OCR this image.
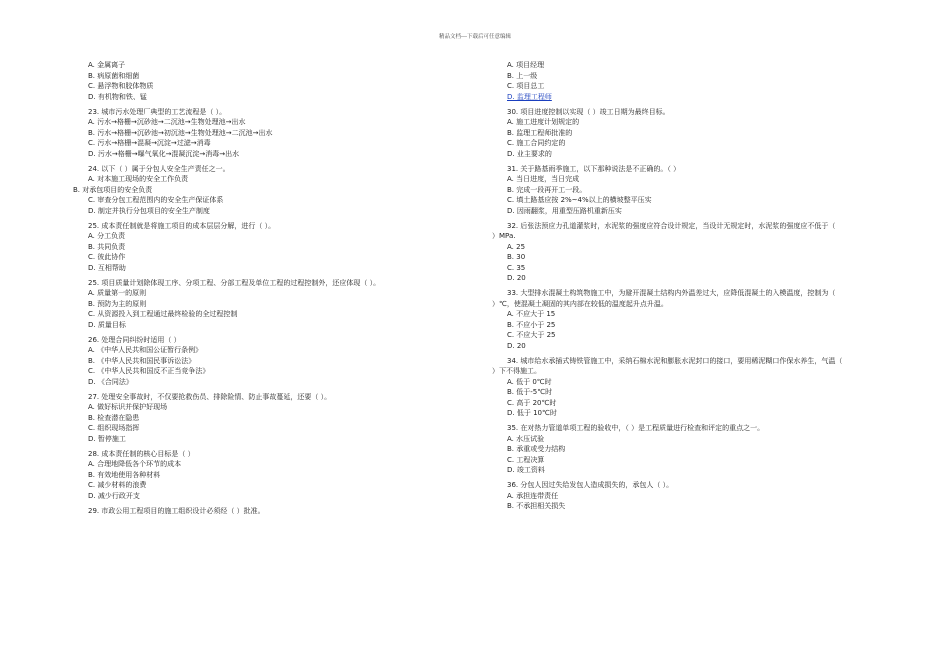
精品文档---下载后可任意编辑
A. 金属离子
B. 病原菌和细菌
C. 悬浮物和胶体物质
D. 有机物和铁、锰
23. 城市污水处理厂典型的工艺流程是（ ）。
A. 污水→格栅→沉砂池→二沉池→生物处理池→出水
B. 污水→格栅→沉砂池→初沉池→生物处理池→二沉池→出水
C. 污水→格栅→混凝→沉淀→过滤→消毒
D. 污水→格栅→曝气氧化→混凝沉淀→消毒→出水
24. 以下（ ）属于分包人安全生产责任之一。
A. 对本施工现场的安全工作负责
B. 对承包项目的安全负责
C. 审查分包工程范围内的安全生产保证体系
D. 制定并执行分包项目的安全生产制度
25. 成本责任制就是将施工项目的成本层层分解，进行（ ）。
A. 分工负责
B. 共同负责
C. 彼此协作
D. 互相帮助
25. 项目质量计划除体现工序、分项工程、分部工程及单位工程的过程控制外，还应体现（ ）。
A. 质量第一的原则
B. 预防为主的原则
C. 从资源投入到工程通过最终检验的全过程控制
D. 质量目标
26. 处理合同纠纷时适用（ ）
A. 《中华人民共和国公证暂行条例》
B. 《中华人民共和国民事诉讼法》
C. 《中华人民共和国反不正当竞争法》
D. 《合同法》
27. 处理安全事故时，不仅要抢救伤员、排除险情、防止事故蔓延，还要（ ）。
A. 做好标识并保护好现场
B. 检查潜在隐患
C. 组织现场指挥
D. 暂停施工
28. 成本责任制的核心目标是（ ）
A. 合理地降低各个环节的成本
B. 有效地使用各种材料
C. 减少材料的浪费
D. 减少行政开支
29. 市政公用工程项目的施工组织设计必须经（ ）批准。
A. 项目经理
B. 上一级
C. 项目总工
D. 监理工程师
30. 项目进度控制以实现（ ）竣工日期为最终目标。
A. 施工进度计划规定的
B. 监理工程师批准的
C. 施工合同约定的
D. 业主要求的
31. 关于路基雨季施工，以下那种说法是不正确的。（ ）
A. 当日进度，当日完成
B. 完成一段再开工一段。
C. 填土路基应按 2%~4%以上的横坡整平压实
D. 因雨翻浆，用重型压路机重新压实
32. 后张法预应力孔道灌浆时，水泥浆的强度应符合设计规定，当设计无规定时，水泥浆的强度应不低于（
）MPa.
A. 25
B. 30
C. 35
D. 20
33. 大型排水混凝土构筑物施工中，为避开混凝土结构内外温差过大，应降低混凝土的入模温度，控制为（
）℃，使混凝土凝固的其内部在较低的温度起升点升温。
A. 不应大于 15
B. 不应小于 25
C. 不应大于 25
D. 20
34. 城市给水承插式铸铁管施工中，采纳石棉水泥和膨胀水泥封口的接口，要用稀泥糊口作保水养生，气温（
）下不得施工。
A. 低于 0℃时
B. 低于-5℃时
C. 高于 20℃时
D. 低于 10℃时
35. 在对热力管道单项工程的验收中，（ ）是工程质量进行检查和评定的重点之一。
A. 水压试验
B. 承重或受力结构
C. 工程决算
D. 竣工资料
36. 分包人因过失给发包人造成损失的，承包人（ ）。
A. 承担连带责任
B. 不承担相关损失
